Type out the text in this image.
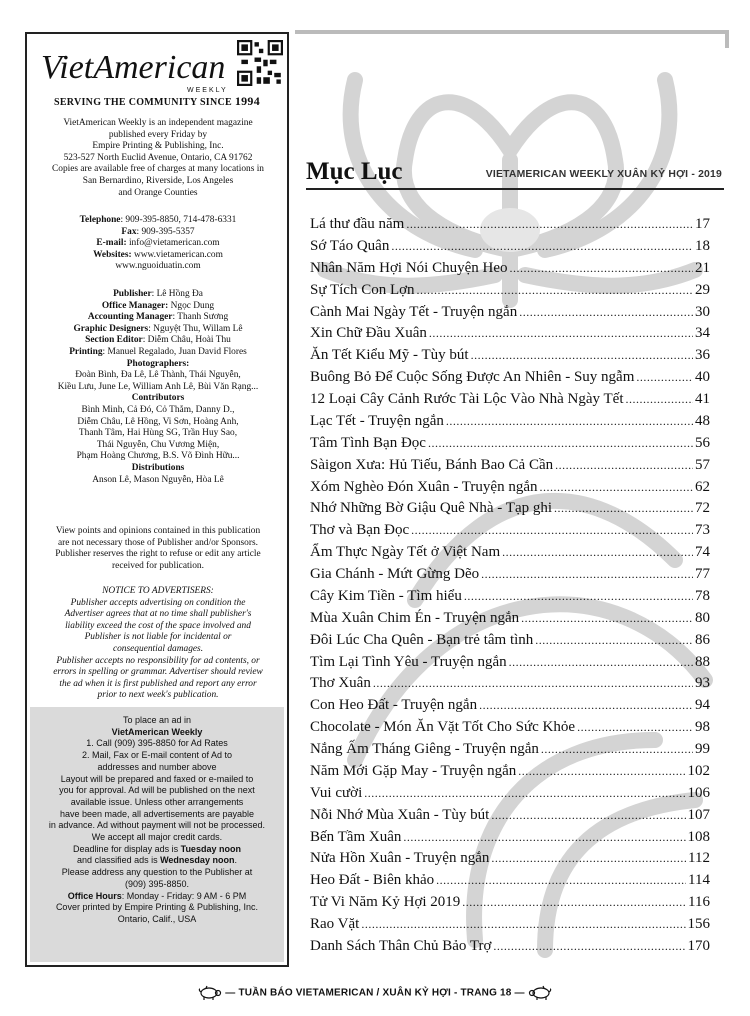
VietAmerican
WEEKLY
SERVING THE COMMUNITY SINCE 1994
VietAmerican Weekly is an independent magazine
published every Friday by
Empire Printing & Publishing, Inc.
523-527 North Euclid Avenue, Ontario, CA 91762
Copies are available free of charges at many locations in
San Bernardino, Riverside, Los Angeles
and Orange Counties
Telephone: 909-395-8850, 714-478-6331
Fax: 909-395-5357
E-mail: info@vietamerican.com
Websites: www.vietamerican.com
www.nguoiduatin.com
Publisher: Lê Hồng Đa
Office Manager: Ngọc Dung
Accounting Manager: Thanh Sương
Graphic Designers: Nguyệt Thu, Willam Lê
Section Editor: Diễm Châu, Hoài Thu
Printing: Manuel Regalado, Juan David Flores
Photographers:
Đoàn Bình, Đa Lê, Lê Thành, Thái Nguyễn,
Kiều Lưu, June Le, William Anh Lê, Bùi Văn Rạng...
Contributors
Bình Minh, Cả Đó, Cỏ Thắm, Danny D.,
Diễm Châu, Lê Hồng, Vi Sơn, Hoàng Anh,
Thanh Tâm, Hai Hùng SG, Trần Huy Sao,
Thái Nguyễn, Chu Vương Miện,
Phạm Hoàng Chương, B.S. Võ Đình Hữu...
Distributions
Anson Lê, Mason Nguyễn, Hòa Lê
View points and opinions contained in this publication
are not necessary those of Publisher and/or Sponsors.
Publisher reserves the right to refuse or edit any article
received for publication.
NOTICE TO ADVERTISERS:
Publisher accepts advertising on condition the
Advertiser agrees that at no time shall publisher's
liability exceed the cost of the space involved and
Publisher is not liable for incidental or
consequential damages.
Publisher accepts no responsibility for ad contents, or
errors in spelling or grammar. Advertiser should review
the ad when it is first published and report any error
prior to next week's publication.
To place an ad in
VietAmerican Weekly
1. Call (909) 395-8850 for Ad Rates
2. Mail, Fax or E-mail content of Ad to
addresses and number above
Layout will be prepared and faxed or e-mailed to
you for approval. Ad will be published on the next
available issue. Unless other arrangements
have been made, all advertisements are payable
in advance. Ad without payment will not be processed.
We accept all major credit cards.
Deadline for display ads is Tuesday noon
and classified ads is Wednesday noon.
Please address any question to the Publisher at
(909) 395-8850.
Office Hours: Monday - Friday: 9 AM - 6 PM
Cover printed by Empire Printing & Publishing, Inc.
Ontario, Calif., USA
Mục Lục	VIETAMERICAN WEEKLY XUÂN KỶ HỢI - 2019
Lá thư đầu năm .....	17
Sớ Táo Quân .....	18
Nhân Năm Hợi Nói Chuyện Heo .....	21
Sự Tích Con Lợn .....	29
Cành Mai Ngày Tết - Truyện ngắn .....	30
Xin Chữ Đầu Xuân .....	34
Ăn Tết Kiểu Mỹ - Tùy bút .....	36
Buông Bỏ Để Cuộc Sống Được An Nhiên - Suy ngẫm .....	40
12 Loại Cây Cảnh Rước Tài Lộc Vào Nhà Ngày Tết .....	41
Lạc Tết - Truyện ngắn .....	48
Tâm Tình Bạn Đọc .....	56
Sàigon Xưa: Hủ Tiếu, Bánh Bao Cả Cần .....	57
Xóm Nghèo Đón Xuân - Truyện ngắn .....	62
Nhớ Những Bờ Giậu Quê Nhà - Tạp ghi .....	72
Thơ và Bạn Đọc .....	73
Ẩm Thực Ngày Tết ở Việt Nam .....	74
Gia Chánh - Mứt Gừng Dẽo .....	77
Cây Kim Tiền - Tìm hiểu .....	78
Mùa Xuân Chim Én - Truyện ngắn .....	80
Đôi Lúc Cha Quên - Bạn trẻ tâm tình .....	86
Tìm Lại Tình Yêu - Truyện ngắn .....	88
Thơ Xuân .....	93
Con Heo Đất - Truyện ngắn .....	94
Chocolate - Món Ăn Vặt Tốt Cho Sức Khỏe .....	98
Nắng Ấm Tháng Giêng - Truyện ngắn .....	99
Năm Mới Gặp May - Truyện ngắn .....	102
Vui cười .....	106
Nỗi Nhớ Mùa Xuân - Tùy bút .....	107
Bến Tầm Xuân .....	108
Nửa Hồn Xuân - Truyện ngắn .....	112
Heo Đất - Biên khảo .....	114
Tử Vi Năm Kỷ Hợi 2019 .....	116
Rao Vặt .....	156
Danh Sách Thân Chủ Bảo Trợ .....	170
— TUẦN BÁO VIETAMERICAN / XUÂN KỶ HỢI - TRANG 18 —
